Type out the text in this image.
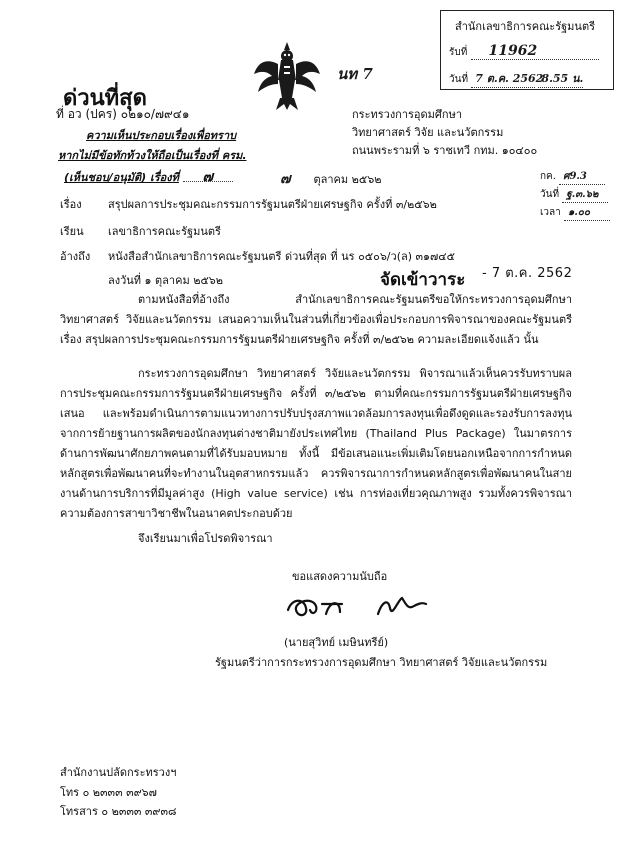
สำนักเลขาธิการคณะรัฐมนตรี
รับที่ 11962
วันที่ 7 ต.ค. 2562 8.55 น.
ด่วนที่สุด
นท 7
ที่ อว (ปคร) ๐๒๑๐/๗๙๔๑	กระทรวงการอุดมศึกษา
วิทยาศาสตร์ วิจัย และนวัตกรรม
ถนนพระรามที่ ๖ ราชเทวี กทม. ๑๐๔๐๐
ความเห็นประกอบเรื่องเพื่อทราบ
หากไม่มีข้อทักท้วงให้ถือเป็นเรื่องที่ ครม.
(เห็นชอบ/อนุมัติ) เรื่องที่ ๗	๗ ตุลาคม ๒๕๖๒	กค. ศ9.3
วันที่ ฐ.๓.๖๒
เวลา ๑.๐๐
เรื่อง สรุปผลการประชุมคณะกรรมการรัฐมนตรีฝ่ายเศรษฐกิจ ครั้งที่ ๓/๒๕๖๒
เรียน เลขาธิการคณะรัฐมนตรี
อ้างถึง หนังสือสำนักเลขาธิการคณะรัฐมนตรี ด่วนที่สุด ที่ นร ๐๕๐๖/ว(ล) ๓๑๗๔๕
ลงวันที่ ๑ ตุลาคม ๒๕๖๒	จัดเข้าวาระ - 7 ต.ค. 2562
ตามหนังสือที่อ้างถึง สำนักเลขาธิการคณะรัฐมนตรีขอให้กระทรวงการอุดมศึกษา วิทยาศาสตร์ วิจัยและนวัตกรรม เสนอความเห็นในส่วนที่เกี่ยวข้องเพื่อประกอบการพิจารณาของคณะรัฐมนตรี เรื่อง สรุปผลการประชุมคณะกรรมการรัฐมนตรีฝ่ายเศรษฐกิจ ครั้งที่ ๓/๒๕๖๒ ความละเอียดแจ้งแล้ว นั้น
กระทรวงการอุดมศึกษา วิทยาศาสตร์ วิจัยและนวัตกรรม พิจารณาแล้วเห็นควรรับทราบผลการประชุมคณะกรรมการรัฐมนตรีฝ่ายเศรษฐกิจ ครั้งที่ ๓/๒๕๖๒ ตามที่คณะกรรมการรัฐมนตรีฝ่ายเศรษฐกิจเสนอ และพร้อมดำเนินการตามแนวทางการปรับปรุงสภาพแวดล้อมการลงทุนเพื่อดึงดูดและรองรับการลงทุนจากการย้ายฐานการผลิตของนักลงทุนต่างชาติมายังประเทศไทย (Thailand Plus Package) ในมาตรการด้านการพัฒนาศักยภาพคนตามที่ได้รับมอบหมาย ทั้งนี้ มีข้อเสนอแนะเพิ่มเติมโดยนอกเหนือจากการกำหนดหลักสูตรเพื่อพัฒนาคนที่จะทำงานในอุตสาหกรรมแล้ว ควรพิจารณาการกำหนดหลักสูตรเพื่อพัฒนาคนในสายงานด้านการบริการที่มีมูลค่าสูง (High value service) เช่น การท่องเที่ยวคุณภาพสูง รวมทั้งควรพิจารณาความต้องการสาขาวิชาชีพในอนาคตประกอบด้วย
จึงเรียนมาเพื่อโปรดพิจารณา
ขอแสดงความนับถือ
(นายสุวิทย์ เมษินทรีย์)
รัฐมนตรีว่าการกระทรวงการอุดมศึกษา วิทยาศาสตร์ วิจัยและนวัตกรรม
สำนักงานปลัดกระทรวงฯ
โทร ๐ ๒๓๓๓ ๓๙๖๗
โทรสาร ๐ ๒๓๓๓ ๓๙๓๘
